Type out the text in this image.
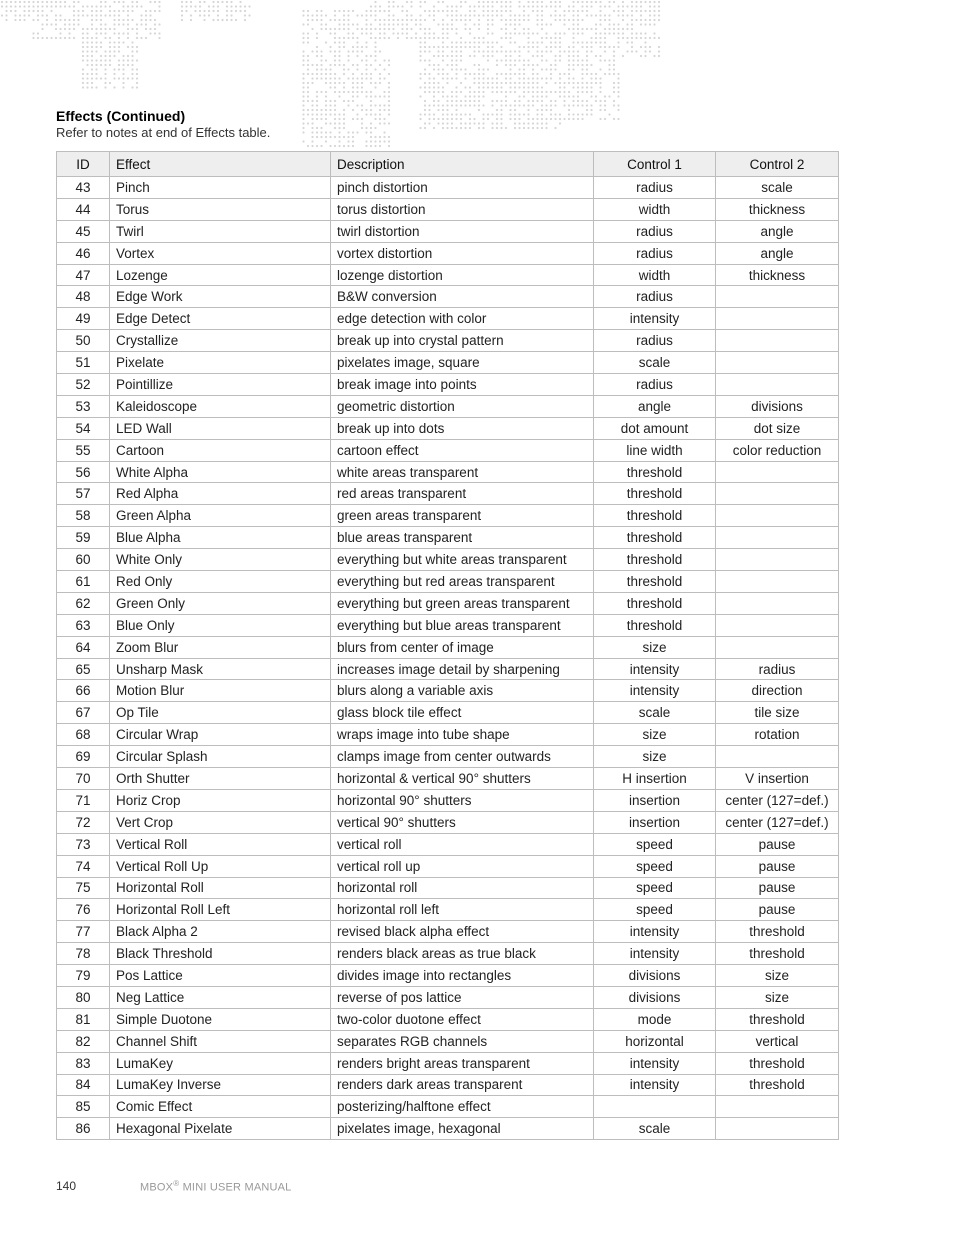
Effects (Continued)
Refer to notes at end of Effects table.
ID	Effect	Description	Control 1	Control 2
43	Pinch	pinch distortion	radius	scale
44	Torus	torus distortion	width	thickness
45	Twirl	twirl distortion	radius	angle
46	Vortex	vortex distortion	radius	angle
47	Lozenge	lozenge distortion	width	thickness
48	Edge Work	B&W conversion	radius	
49	Edge Detect	edge detection with color	intensity	
50	Crystallize	break up into crystal pattern	radius	
51	Pixelate	pixelates image, square	scale	
52	Pointillize	break image into points	radius	
53	Kaleidoscope	geometric distortion	angle	divisions
54	LED Wall	break up into dots	dot amount	dot size
55	Cartoon	cartoon effect	line width	color reduction
56	White Alpha	white areas transparent	threshold	
57	Red Alpha	red areas transparent	threshold	
58	Green Alpha	green areas transparent	threshold	
59	Blue Alpha	blue areas transparent	threshold	
60	White Only	everything but white areas transparent	threshold	
61	Red Only	everything but red areas transparent	threshold	
62	Green Only	everything but green areas transparent	threshold	
63	Blue Only	everything but blue areas transparent	threshold	
64	Zoom Blur	blurs from center of image	size	
65	Unsharp Mask	increases image detail by sharpening	intensity	radius
66	Motion Blur	blurs along a variable axis	intensity	direction
67	Op Tile	glass block tile effect	scale	tile size
68	Circular Wrap	wraps image into tube shape	size	rotation
69	Circular Splash	clamps image from center outwards	size	
70	Orth Shutter	horizontal & vertical 90° shutters	H insertion	V insertion
71	Horiz Crop	horizontal 90° shutters	insertion	center (127=def.)
72	Vert Crop	vertical 90° shutters	insertion	center (127=def.)
73	Vertical Roll	vertical roll	speed	pause
74	Vertical Roll Up	vertical roll up	speed	pause
75	Horizontal Roll	horizontal roll	speed	pause
76	Horizontal Roll Left	horizontal roll left	speed	pause
77	Black Alpha 2	revised black alpha effect	intensity	threshold
78	Black Threshold	renders black areas as true black	intensity	threshold
79	Pos Lattice	divides image into rectangles	divisions	size
80	Neg Lattice	reverse of pos lattice	divisions	size
81	Simple Duotone	two-color duotone effect	mode	threshold
82	Channel Shift	separates RGB channels	horizontal	vertical
83	LumaKey	renders bright areas transparent	intensity	threshold
84	LumaKey Inverse	renders dark areas transparent	intensity	threshold
85	Comic Effect	posterizing/halftone effect		
86	Hexagonal Pixelate	pixelates image, hexagonal	scale	
140	MBOX® MINI USER MANUAL
